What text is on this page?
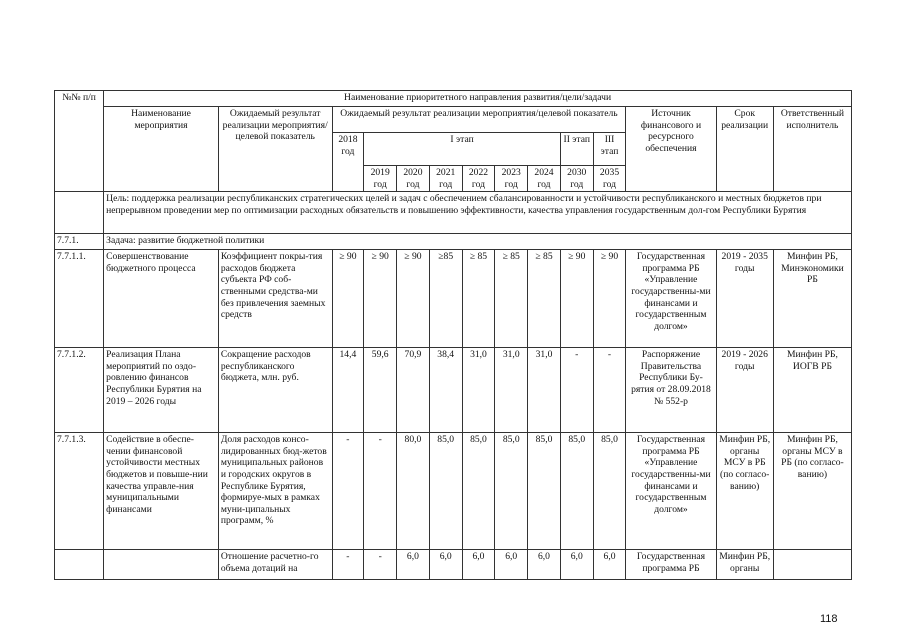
№№ п/п	Наименование приоритетного направления развития/цели/задачи													
	Наименование мероприятия	Ожидаемый результат реализации мероприятия/целевой показатель	Ожидаемый результат реализации мероприятия/целевой показатель									Источник финансового и ресурсного обеспечения	Срок реализации	Ответственный исполнитель
			2018 год	I этап						II этап	III этап			
				2019 год	2020 год	2021 год	2022 год	2023 год	2024 год	2030 год	2035 год			
	Цель: поддержка реализации республиканских стратегических целей и задач с обеспечением сбалансированности и устойчивости республиканского и местных бюджетов при непрерывном проведении мер по оптимизации расходных обязательств и повышению эффективности, качества управления государственным дол-гом Республики Бурятия													
7.7.1.	Задача: развитие бюджетной политики													
7.7.1.1.	Совершенствование бюджетного процесса	Коэффициент покры-тия расходов бюджета субъекта РФ соб-ственными средства-ми без привлечения заемных средств	≥ 90	≥ 90	≥ 90	≥85	≥ 85	≥ 85	≥ 85	≥ 90	≥ 90	Государственная программа РБ «Управление государственны-ми финансами и государственным долгом»	2019 - 2035 годы	Минфин РБ, Минэкономики РБ
7.7.1.2.	Реализация Плана мероприятий по оздо-ровлению финансов Республики Бурятия на 2019 – 2026 годы	Сокращение расходов республиканского бюджета, млн. руб.	14,4	59,6	70,9	38,4	31,0	31,0	31,0	-	-	Распоряжение Правительства Республики Бу-рятия от 28.09.2018 № 552-р	2019 - 2026 годы	Минфин РБ, ИОГВ РБ
7.7.1.3.	Содействие в обеспе-чении финансовой устойчивости местных бюджетов и повыше-нии качества управле-ния муниципальными финансами	Доля расходов консо-лидированных бюд-жетов муниципальных районов и городских округов в Республике Бурятия, формируе-мых в рамках муни-ципальных программ, %	-	-	80,0	85,0	85,0	85,0	85,0	85,0	85,0	Государственная программа РБ «Управление государственны-ми финансами и государственным долгом»	Минфин РБ, органы МСУ в РБ (по согласо-ванию)	Минфин РБ, органы МСУ в РБ (по согласо-ванию)
		Отношение расчетно-го объема дотаций на	-	-	6,0	6,0	6,0	6,0	6,0	6,0	6,0	Государственная программа РБ	Минфин РБ, органы	
118
